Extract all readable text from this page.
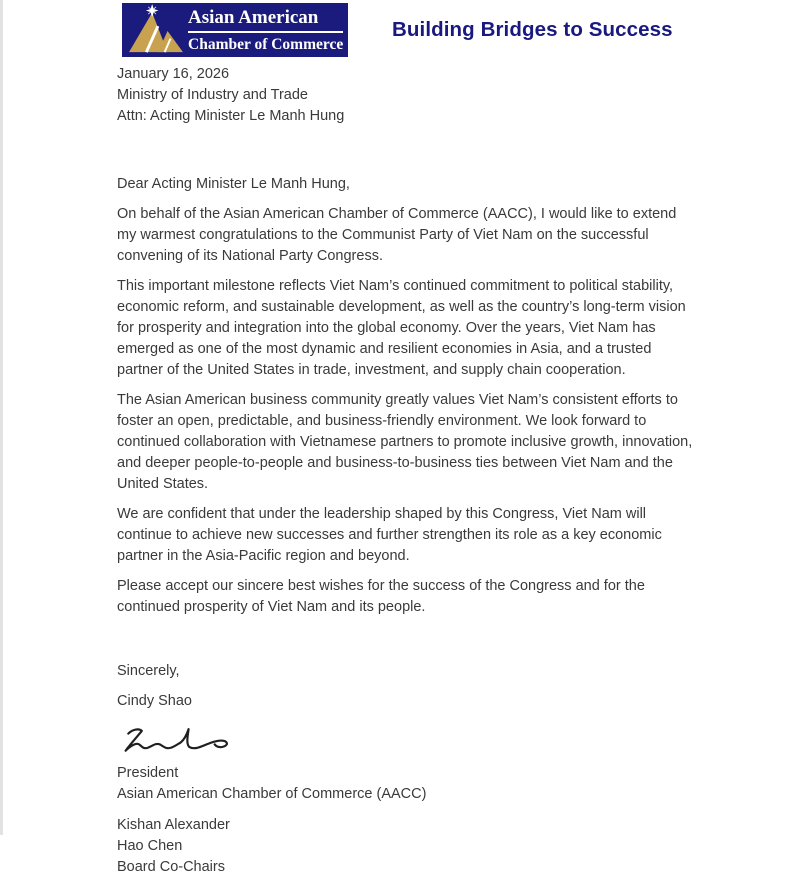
Asian American
Chamber of Commerce
Building Bridges to Success
January 16, 2026
Ministry of Industry and Trade
Attn: Acting Minister Le Manh Hung

Dear Acting Minister Le Manh Hung,

On behalf of the Asian American Chamber of Commerce (AACC), I would like to extend my warmest congratulations to the Communist Party of Viet Nam on the successful convening of its National Party Congress.

This important milestone reflects Viet Nam’s continued commitment to political stability, economic reform, and sustainable development, as well as the country’s long-term vision for prosperity and integration into the global economy. Over the years, Viet Nam has emerged as one of the most dynamic and resilient economies in Asia, and a trusted partner of the United States in trade, investment, and supply chain cooperation.

The Asian American business community greatly values Viet Nam’s consistent efforts to foster an open, predictable, and business-friendly environment. We look forward to continued collaboration with Vietnamese partners to promote inclusive growth, innovation, and deeper people-to-people and business-to-business ties between Viet Nam and the United States.

We are confident that under the leadership shaped by this Congress, Viet Nam will continue to achieve new successes and further strengthen its role as a key economic partner in the Asia-Pacific region and beyond.

Please accept our sincere best wishes for the success of the Congress and for the continued prosperity of Viet Nam and its people.

Sincerely,

Cindy Shao

President
Asian American Chamber of Commerce (AACC)
Kishan Alexander
Hao Chen
Board Co-Chairs
